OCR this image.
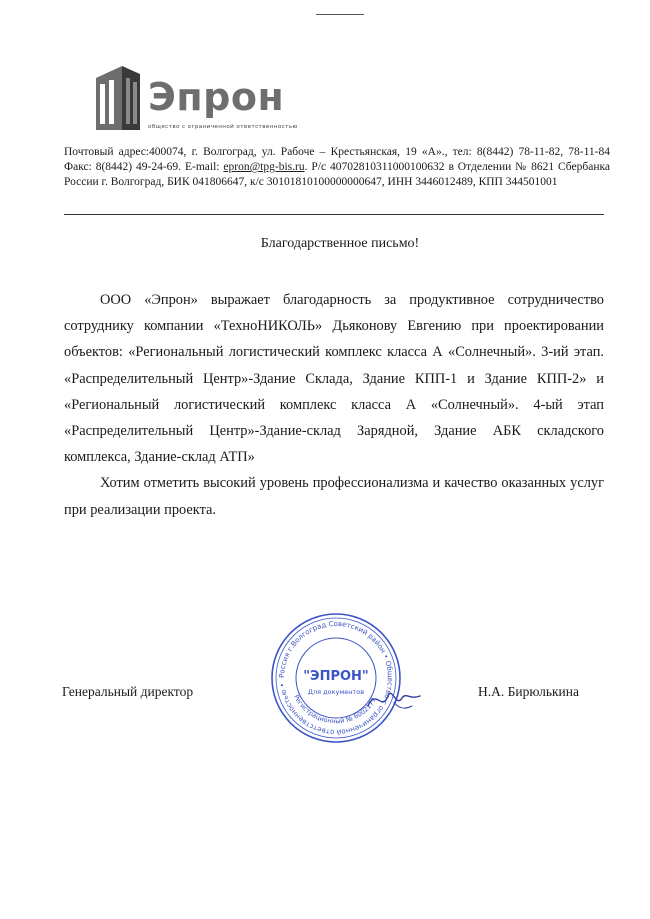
Эпрон
общество с ограниченной ответственностью
Почтовый адрес:400074, г. Волгоград, ул. Рабоче – Крестьянская, 19 «А»., тел: 8(8442) 78-11-82, 78-11-84 Факс: 8(8442) 49-24-69. E-mail: epron@tpg-bis.ru. Р/с 40702810311000100632 в Отделении № 8621 Сбербанка России г. Волгоград, БИК 041806647, к/с 30101810100000000647, ИНН 3446012489, КПП 344501001
Благодарственное письмо!

ООО «Эпрон» выражает благодарность за продуктивное сотрудничество сотруднику компании «ТехноНИКОЛЬ» Дьяконову Евгению при проектировании объектов: «Региональный логистический комплекс класса А «Солнечный». 3-ий этап. «Распределительный Центр»-Здание Склада, Здание КПП-1 и Здание КПП-2» и «Региональный логистический комплекс класса А «Солнечный». 4-ый этап «Распределительный Центр»-Здание-склад Зарядной, Здание АБК складского комплекса, Здание-склад АТП»

Хотим отметить высокий уровень профессионализма и качество оказанных услуг при реализации проекта.

Генеральный директор	Н.А. Бирюлькина
Россия г.Волгоград Советский район • Общество с ограниченной ответственностью •
Регистрационный № 6002177
"ЭПРОН"
Для документов
